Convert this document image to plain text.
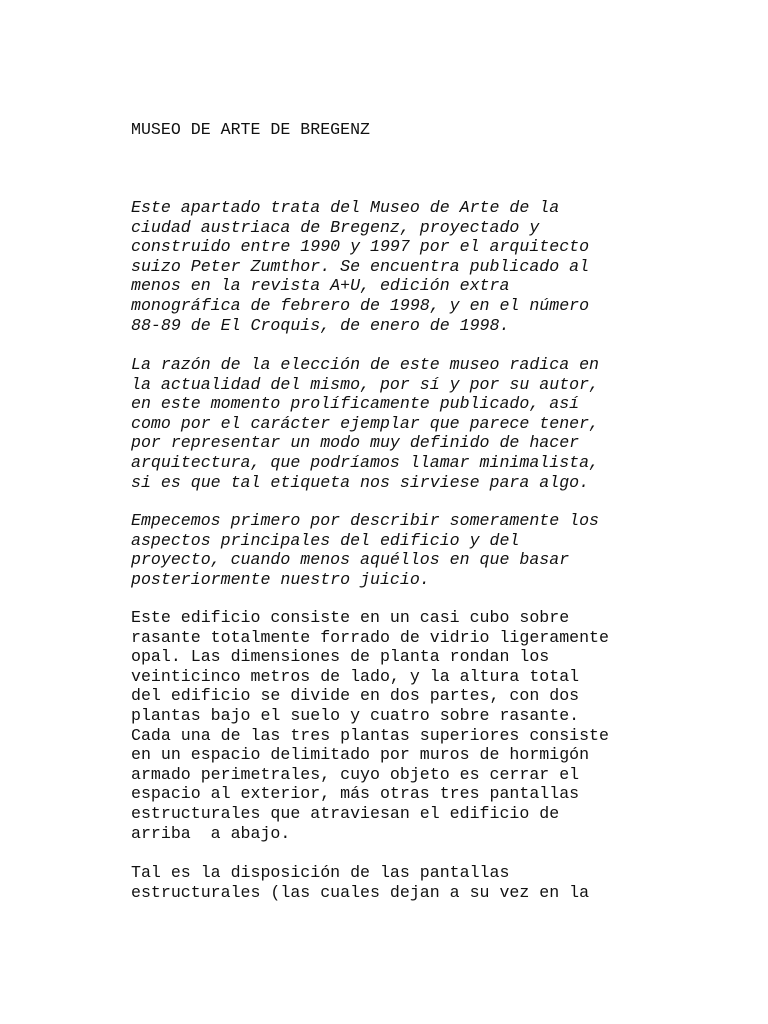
MUSEO DE ARTE DE BREGENZ

Este apartado trata del Museo de Arte de la
ciudad austriaca de Bregenz, proyectado y
construido entre 1990 y 1997 por el arquitecto
suizo Peter Zumthor. Se encuentra publicado al
menos en la revista A+U, edición extra
monográfica de febrero de 1998, y en el número
88-89 de El Croquis, de enero de 1998.

La razón de la elección de este museo radica en
la actualidad del mismo, por sí y por su autor,
en este momento prolíficamente publicado, así
como por el carácter ejemplar que parece tener,
por representar un modo muy definido de hacer
arquitectura, que podríamos llamar minimalista,
si es que tal etiqueta nos sirviese para algo.

Empecemos primero por describir someramente los
aspectos principales del edificio y del
proyecto, cuando menos aquéllos en que basar
posteriormente nuestro juicio.

Este edificio consiste en un casi cubo sobre
rasante totalmente forrado de vidrio ligeramente
opal. Las dimensiones de planta rondan los
veinticinco metros de lado, y la altura total
del edificio se divide en dos partes, con dos
plantas bajo el suelo y cuatro sobre rasante.
Cada una de las tres plantas superiores consiste
en un espacio delimitado por muros de hormigón
armado perimetrales, cuyo objeto es cerrar el
espacio al exterior, más otras tres pantallas
estructurales que atraviesan el edificio de
arriba  a abajo.

Tal es la disposición de las pantallas
estructurales (las cuales dejan a su vez en la
